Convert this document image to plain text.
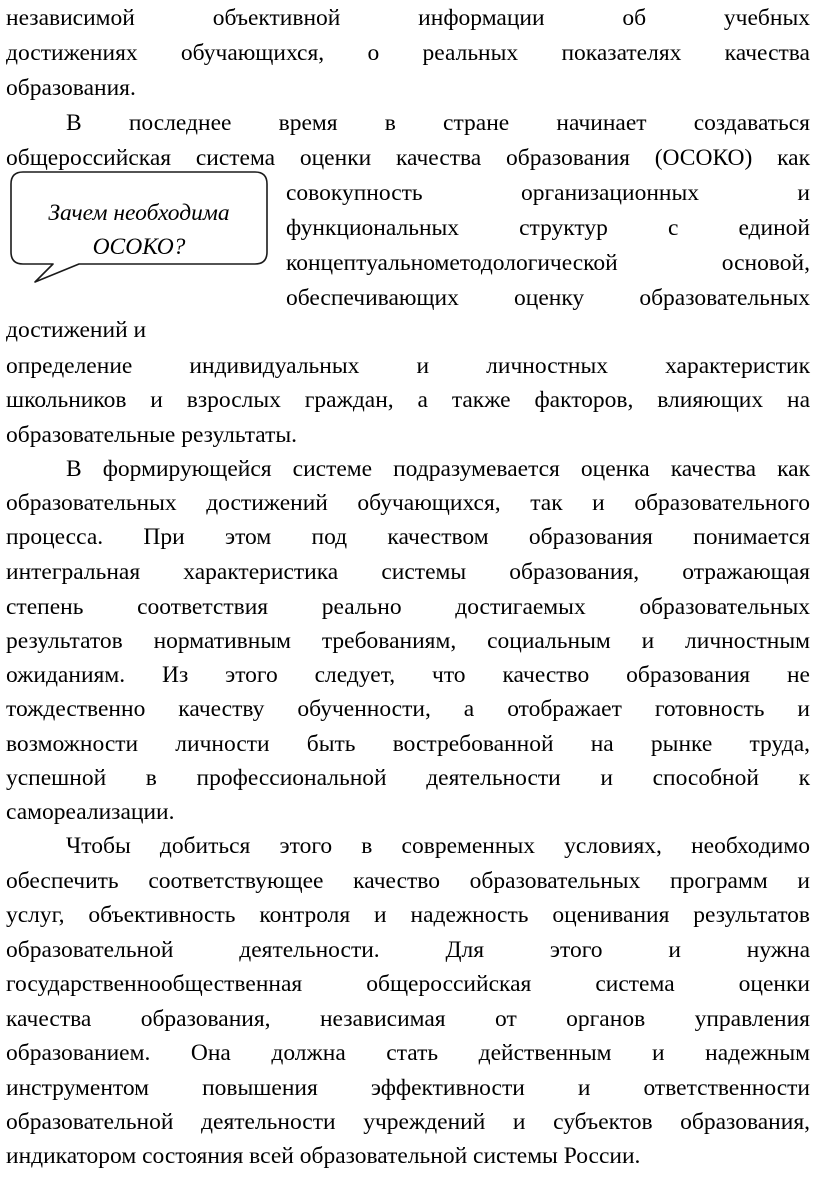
независимой объективной информации об учебных
достижениях обучающихся, о реальных показателях качества
образования.
В последнее время в стране начинает создаваться
общероссийская система оценки качества образования (ОСОКО) как
совокупность организационных и
функциональных структур с единой
концептуальнометодологической основой,
обеспечивающих оценку образовательных
достижений и
определение индивидуальных и личностных характеристик
школьников и взрослых граждан, а также факторов, влияющих на
образовательные результаты.
В формирующейся системе подразумевается оценка качества как
образовательных достижений обучающихся, так и образовательного
процесса. При этом под качеством образования понимается
интегральная характеристика системы образования, отражающая
степень соответствия реально достигаемых образовательных
результатов нормативным требованиям, социальным и личностным
ожиданиям. Из этого следует, что качество образования не
тождественно качеству обученности, а отображает готовность и
возможности личности быть востребованной на рынке труда,
успешной в профессиональной деятельности и способной к
самореализации.
Чтобы добиться этого в современных условиях, необходимо
обеспечить соответствующее качество образовательных программ и
услуг, объективность контроля и надежность оценивания результатов
образовательной деятельности. Для этого и нужна
государственнообщественная общероссийская система оценки
качества образования, независимая от органов управления
образованием. Она должна стать действенным и надежным
инструментом повышения эффективности и ответственности
образовательной деятельности учреждений и субъектов образования,
индикатором состояния всей образовательной системы России.
Зачем необходима
ОСОКО?
